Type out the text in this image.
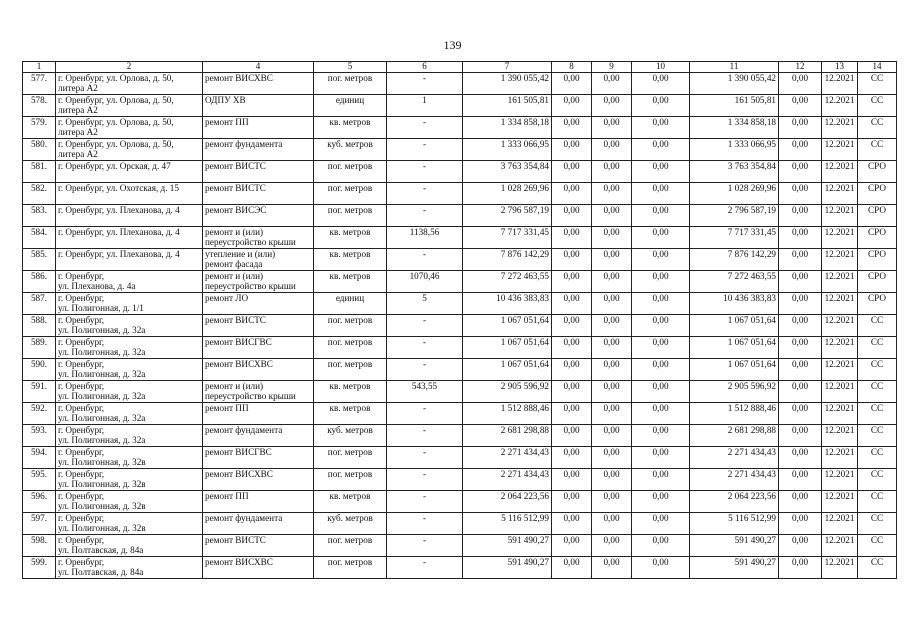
139
1	2	4	5	6	7	8	9	10	11	12	13	14
577.	г. Оренбург, ул. Орлова, д. 50,
литера А2	ремонт ВИСХВС	пог. метров	-	1 390 055,42	0,00	0,00	0,00	1 390 055,42	0,00	12.2021	СС
578.	г. Оренбург, ул. Орлова, д. 50,
литера А2	ОДПУ ХВ	единиц	1	161 505,81	0,00	0,00	0,00	161 505,81	0,00	12.2021	СС
579.	г. Оренбург, ул. Орлова, д. 50,
литера А2	ремонт ПП	кв. метров	-	1 334 858,18	0,00	0,00	0,00	1 334 858,18	0,00	12.2021	СС
580.	г. Оренбург, ул. Орлова, д. 50,
литера А2	ремонт фундамента	куб. метров	-	1 333 066,95	0,00	0,00	0,00	1 333 066,95	0,00	12.2021	СС
581.	г. Оренбург, ул. Орская, д. 47	ремонт ВИСТС	пог. метров	-	3 763 354,84	0,00	0,00	0,00	3 763 354,84	0,00	12.2021	СРО
582.	г. Оренбург, ул. Охотская, д. 15	ремонт ВИСТС	пог. метров	-	1 028 269,96	0,00	0,00	0,00	1 028 269,96	0,00	12.2021	СРО
583.	г. Оренбург, ул. Плеханова, д. 4	ремонт ВИСЭС	пог. метров	-	2 796 587,19	0,00	0,00	0,00	2 796 587,19	0,00	12.2021	СРО
584.	г. Оренбург, ул. Плеханова, д. 4	ремонт и (или)
переустройство крыши	кв. метров	1138,56	7 717 331,45	0,00	0,00	0,00	7 717 331,45	0,00	12.2021	СРО
585.	г. Оренбург, ул. Плеханова, д. 4	утепление и (или)
ремонт фасада	кв. метров	-	7 876 142,29	0,00	0,00	0,00	7 876 142,29	0,00	12.2021	СРО
586.	г. Оренбург,
ул. Плеханова, д. 4а	ремонт и (или)
переустройство крыши	кв. метров	1070,46	7 272 463,55	0,00	0,00	0,00	7 272 463,55	0,00	12.2021	СРО
587.	г. Оренбург,
ул. Полигонная, д. 1/1	ремонт ЛО	единиц	5	10 436 383,83	0,00	0,00	0,00	10 436 383,83	0,00	12.2021	СРО
588.	г. Оренбург,
ул. Полигонная, д. 32а	ремонт ВИСТС	пог. метров	-	1 067 051,64	0,00	0,00	0,00	1 067 051,64	0,00	12.2021	СС
589.	г. Оренбург,
ул. Полигонная, д. 32а	ремонт ВИСГВС	пог. метров	-	1 067 051,64	0,00	0,00	0,00	1 067 051,64	0,00	12.2021	СС
590.	г. Оренбург,
ул. Полигонная, д. 32а	ремонт ВИСХВС	пог. метров	-	1 067 051,64	0,00	0,00	0,00	1 067 051,64	0,00	12.2021	СС
591.	г. Оренбург,
ул. Полигонная, д. 32а	ремонт и (или)
переустройство крыши	кв. метров	543,55	2 905 596,92	0,00	0,00	0,00	2 905 596,92	0,00	12.2021	СС
592.	г. Оренбург,
ул. Полигонная, д. 32а	ремонт ПП	кв. метров	-	1 512 888,46	0,00	0,00	0,00	1 512 888,46	0,00	12.2021	СС
593.	г. Оренбург,
ул. Полигонная, д. 32а	ремонт фундамента	куб. метров	-	2 681 298,88	0,00	0,00	0,00	2 681 298,88	0,00	12.2021	СС
594.	г. Оренбург,
ул. Полигонная, д. 32в	ремонт ВИСГВС	пог. метров	-	2 271 434,43	0,00	0,00	0,00	2 271 434,43	0,00	12.2021	СС
595.	г. Оренбург,
ул. Полигонная, д. 32в	ремонт ВИСХВС	пог. метров	-	2 271 434,43	0,00	0,00	0,00	2 271 434,43	0,00	12.2021	СС
596.	г. Оренбург,
ул. Полигонная, д. 32в	ремонт ПП	кв. метров	-	2 064 223,56	0,00	0,00	0,00	2 064 223,56	0,00	12.2021	СС
597.	г. Оренбург,
ул. Полигонная, д. 32в	ремонт фундамента	куб. метров	-	5 116 512,99	0,00	0,00	0,00	5 116 512,99	0,00	12.2021	СС
598.	г. Оренбург,
ул. Полтавская, д. 84а	ремонт ВИСТС	пог. метров	-	591 490,27	0,00	0,00	0,00	591 490,27	0,00	12.2021	СС
599.	г. Оренбург,
ул. Полтавская, д. 84а	ремонт ВИСХВС	пог. метров	-	591 490,27	0,00	0,00	0,00	591 490,27	0,00	12.2021	СС
